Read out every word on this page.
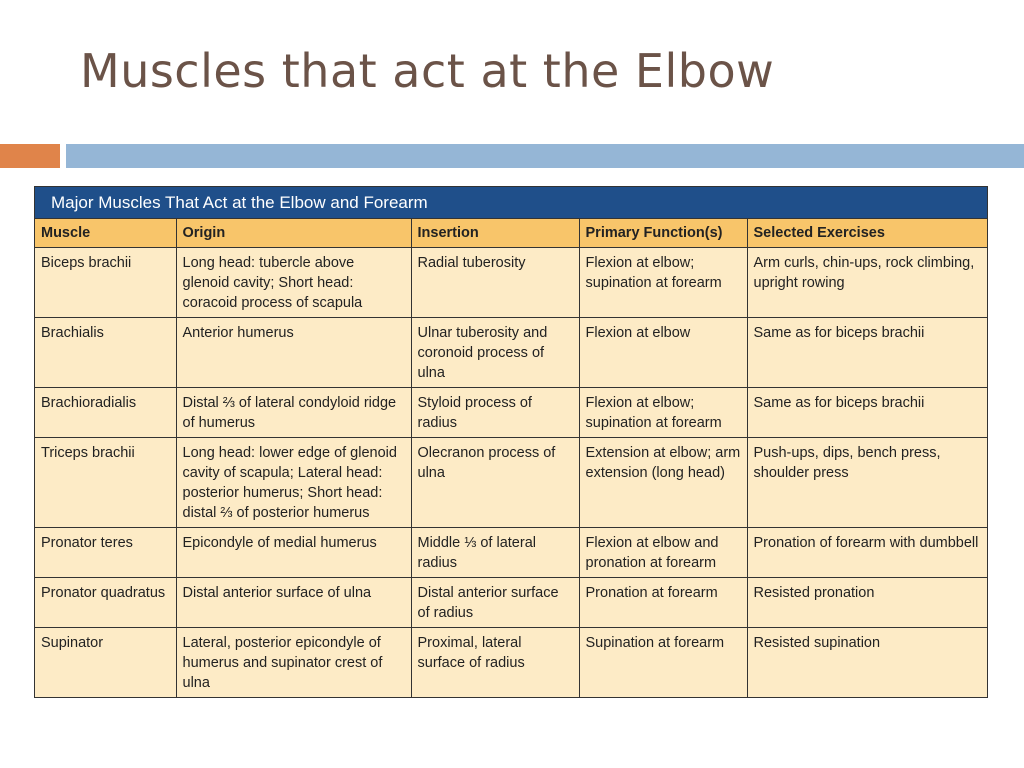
Muscles that act at the Elbow
Major Muscles That Act at the Elbow and Forearm
Muscle	Origin	Insertion	Primary Function(s)	Selected Exercises
Biceps brachii	Long head: tubercle above glenoid cavity; Short head: coracoid process of scapula	Radial tuberosity	Flexion at elbow; supination at forearm	Arm curls, chin-ups, rock climbing, upright rowing
Brachialis	Anterior humerus	Ulnar tuberosity and coronoid process of ulna	Flexion at elbow	Same as for biceps brachii
Brachioradialis	Distal ⅔ of lateral condyloid ridge of humerus	Styloid process of radius	Flexion at elbow; supination at forearm	Same as for biceps brachii
Triceps brachii	Long head: lower edge of glenoid cavity of scapula; Lateral head: posterior humerus; Short head: distal ⅔ of posterior humerus	Olecranon process of ulna	Extension at elbow; arm extension (long head)	Push-ups, dips, bench press, shoulder press
Pronator teres	Epicondyle of medial humerus	Middle ⅓ of lateral radius	Flexion at elbow and pronation at forearm	Pronation of forearm with dumbbell
Pronator quadratus	Distal anterior surface of ulna	Distal anterior surface of radius	Pronation at forearm	Resisted pronation
Supinator	Lateral, posterior epicondyle of humerus and supinator crest of ulna	Proximal, lateral surface of radius	Supination at forearm	Resisted supination
